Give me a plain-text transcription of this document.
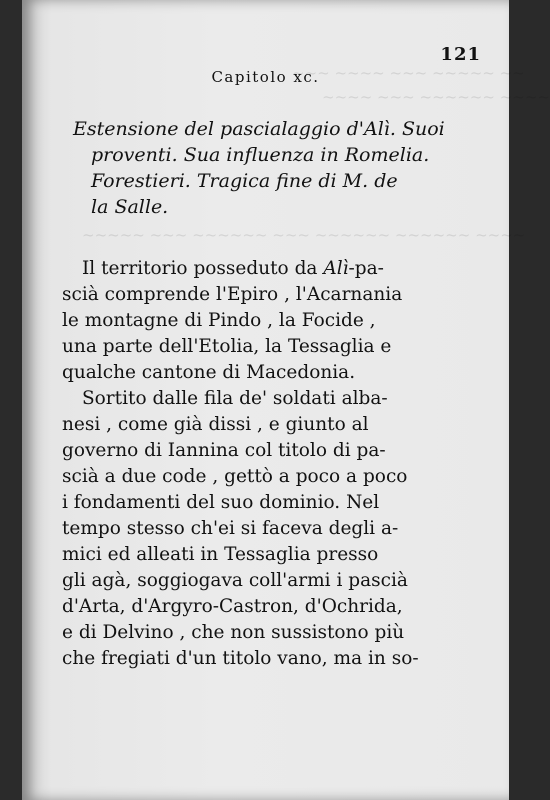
~~~ ~~~~ ~~~ ~~~~~ ~~
~~~~ ~~~ ~~~~~~ ~~~~
~~~~~ ~~~ ~~~~~~ ~~~ ~~~~~~ ~~~~~~ ~~~~
121
Capitolo xc.
Estensione del pascialaggio d'Alì. Suoi
proventi. Sua influenza in Romelia.
Forestieri. Tragica fine di M. de
la Salle.
Il territorio posseduto da Alì-pa-
scià comprende l'Epiro , l'Acarnania
le montagne di Pindo , la Focide ,
una parte dell'Etolia, la Tessaglia e
qualche cantone di Macedonia.
Sortito dalle fila de' soldati alba-
nesi , come già dissi , e giunto al
governo di Iannina col titolo di pa-
scià a due code , gettò a poco a poco
i fondamenti del suo dominio. Nel
tempo stesso ch'ei si faceva degli a-
mici ed alleati in Tessaglia presso
gli agà, soggiogava coll'armi i pascià
d'Arta, d'Argyro-Castron, d'Ochrida,
e di Delvino , che non sussistono più
che fregiati d'un titolo vano, ma in so-
